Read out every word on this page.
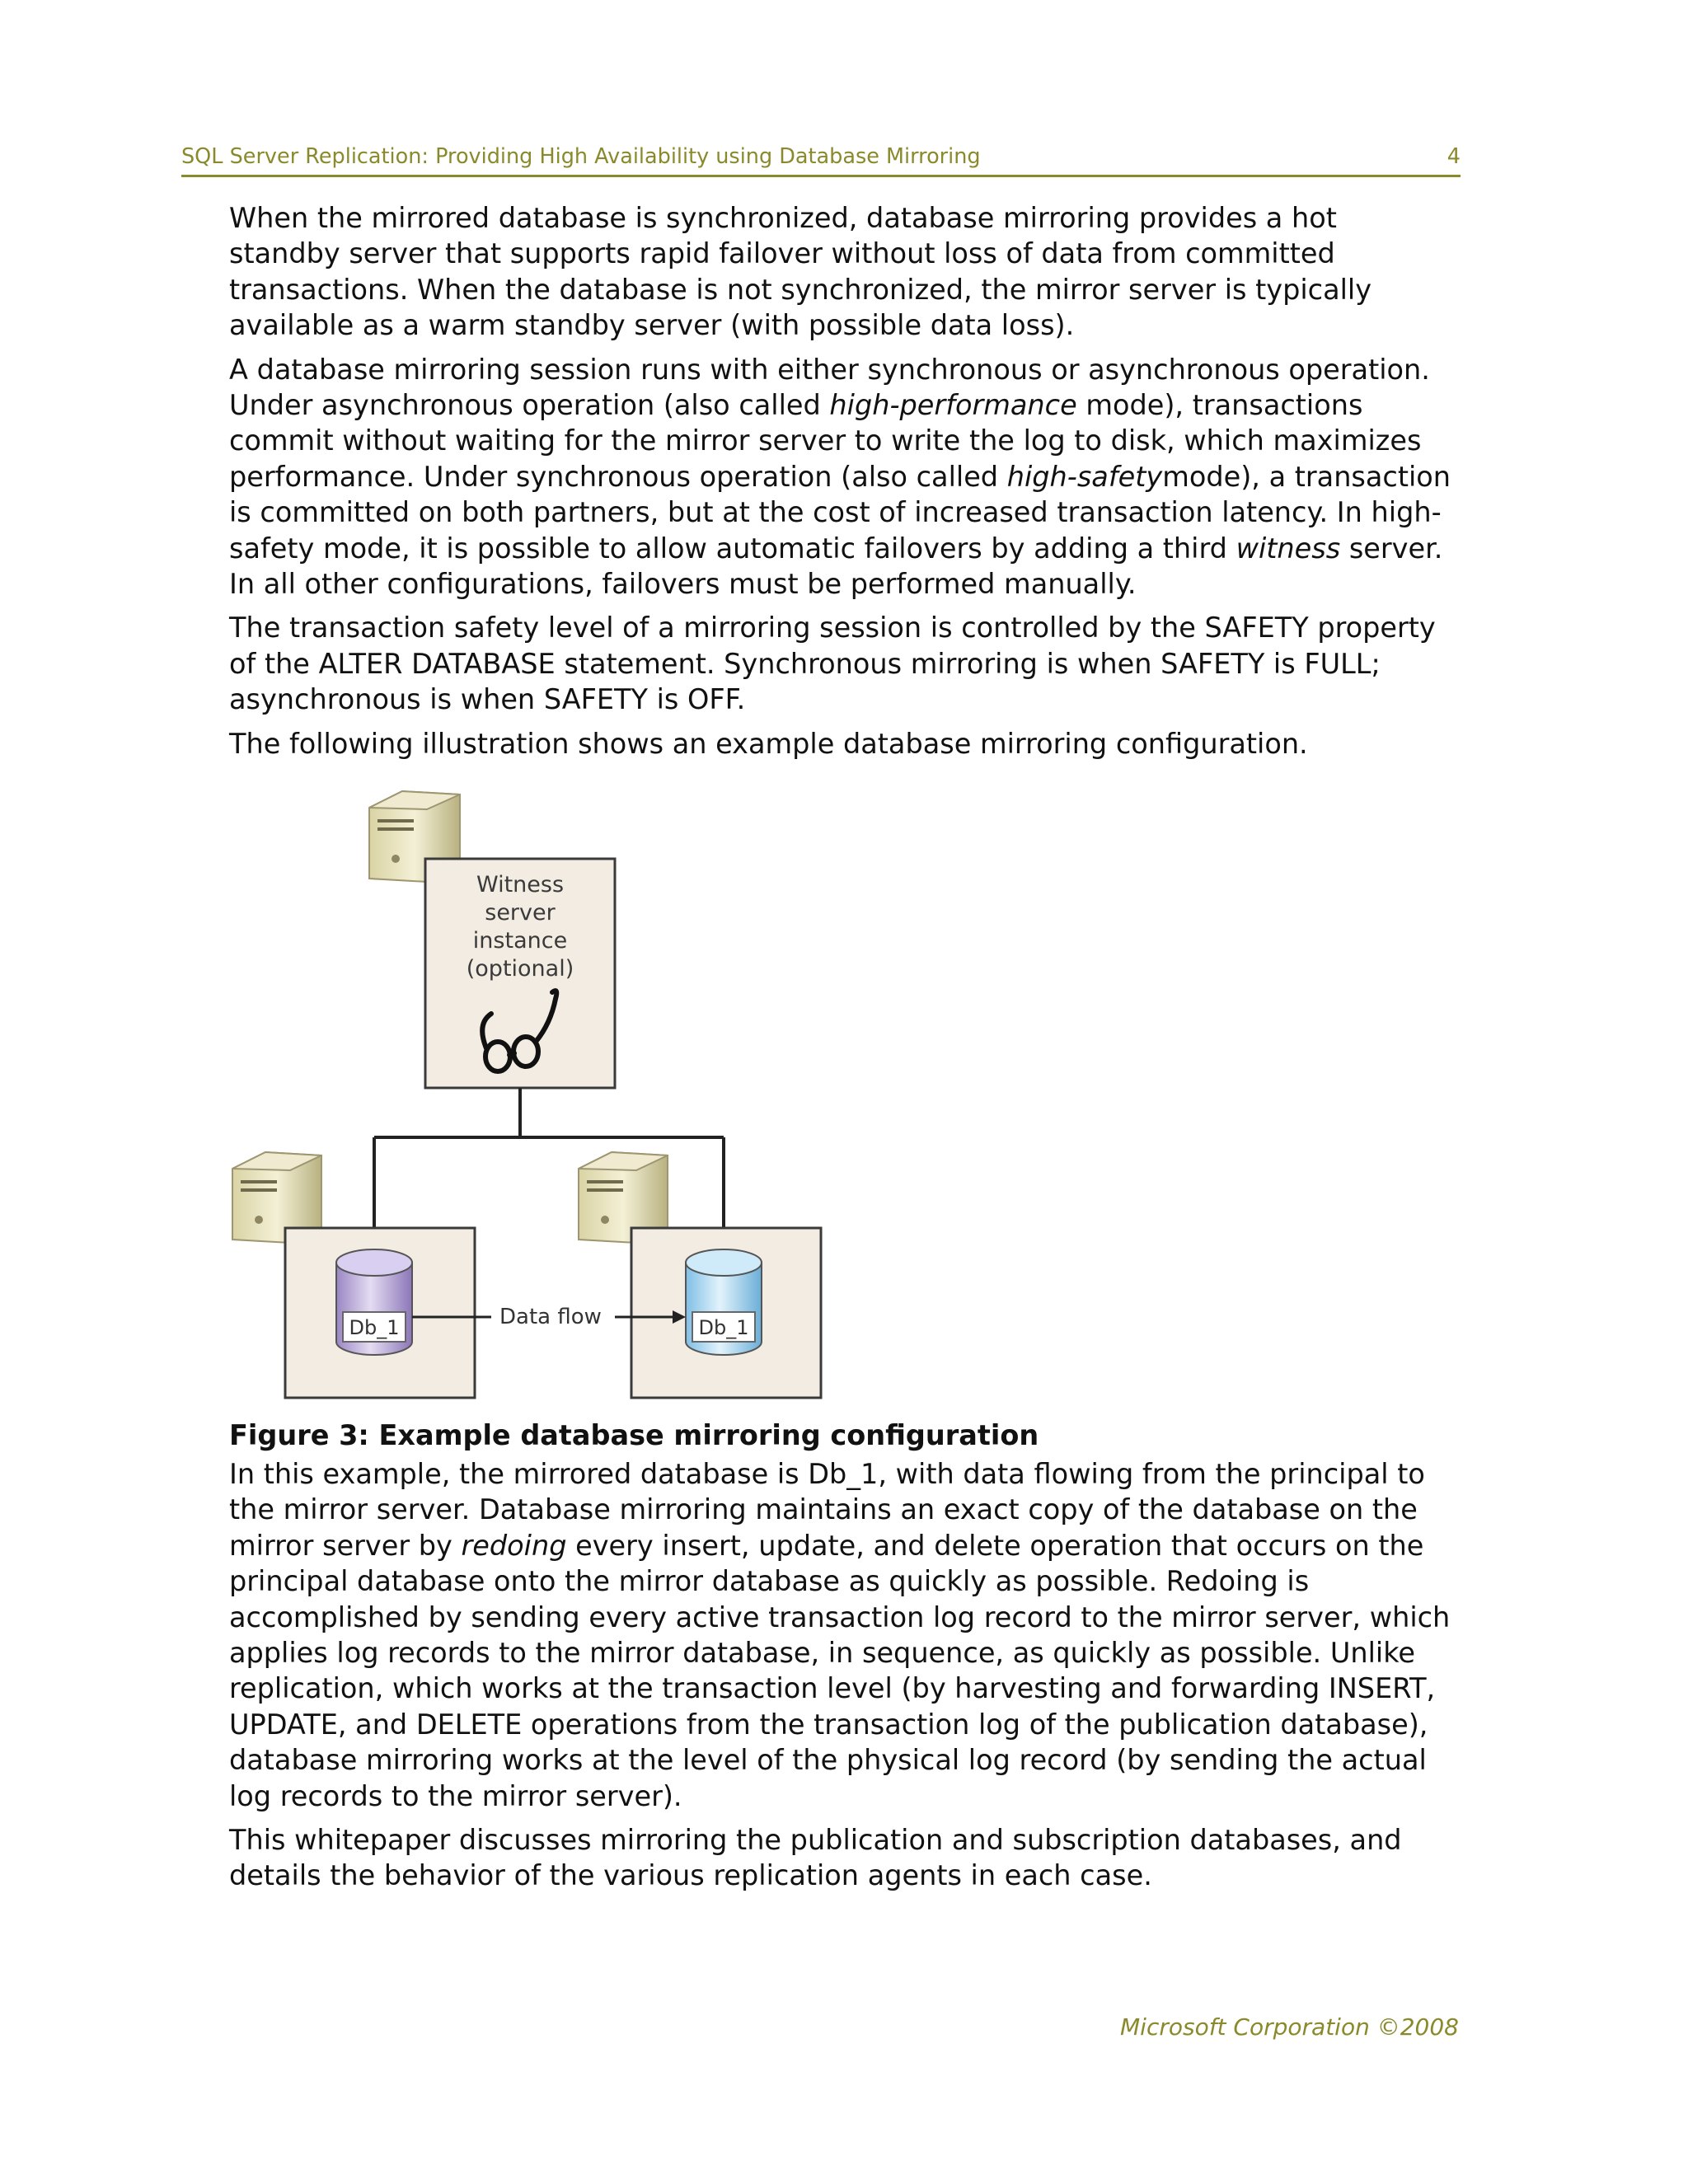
SQL Server Replication: Providing High Availability using Database Mirroring	4

When the mirrored database is synchronized, database mirroring provides a hot
standby server that supports rapid failover without loss of data from committed
transactions. When the database is not synchronized, the mirror server is typically
available as a warm standby server (with possible data loss).

A database mirroring session runs with either synchronous or asynchronous operation.
Under asynchronous operation (also called high-performance mode), transactions
commit without waiting for the mirror server to write the log to disk, which maximizes
performance. Under synchronous operation (also called high-safetymode), a transaction
is committed on both partners, but at the cost of increased transaction latency. In high-
safety mode, it is possible to allow automatic failovers by adding a third witness server.
In all other configurations, failovers must be performed manually.

The transaction safety level of a mirroring session is controlled by the SAFETY property
of the ALTER DATABASE statement. Synchronous mirroring is when SAFETY is FULL;
asynchronous is when SAFETY is OFF.

The following illustration shows an example database mirroring configuration.

Witness
server
instance
(optional)
Db_1	Db_1
Data flow
Figure 3: Example database mirroring configuration

In this example, the mirrored database is Db_1, with data flowing from the principal to
the mirror server. Database mirroring maintains an exact copy of the database on the
mirror server by redoing every insert, update, and delete operation that occurs on the
principal database onto the mirror database as quickly as possible. Redoing is
accomplished by sending every active transaction log record to the mirror server, which
applies log records to the mirror database, in sequence, as quickly as possible. Unlike
replication, which works at the transaction level (by harvesting and forwarding INSERT,
UPDATE, and DELETE operations from the transaction log of the publication database),
database mirroring works at the level of the physical log record (by sending the actual
log records to the mirror server).

This whitepaper discusses mirroring the publication and subscription databases, and
details the behavior of the various replication agents in each case.

Microsoft Corporation ©2008
